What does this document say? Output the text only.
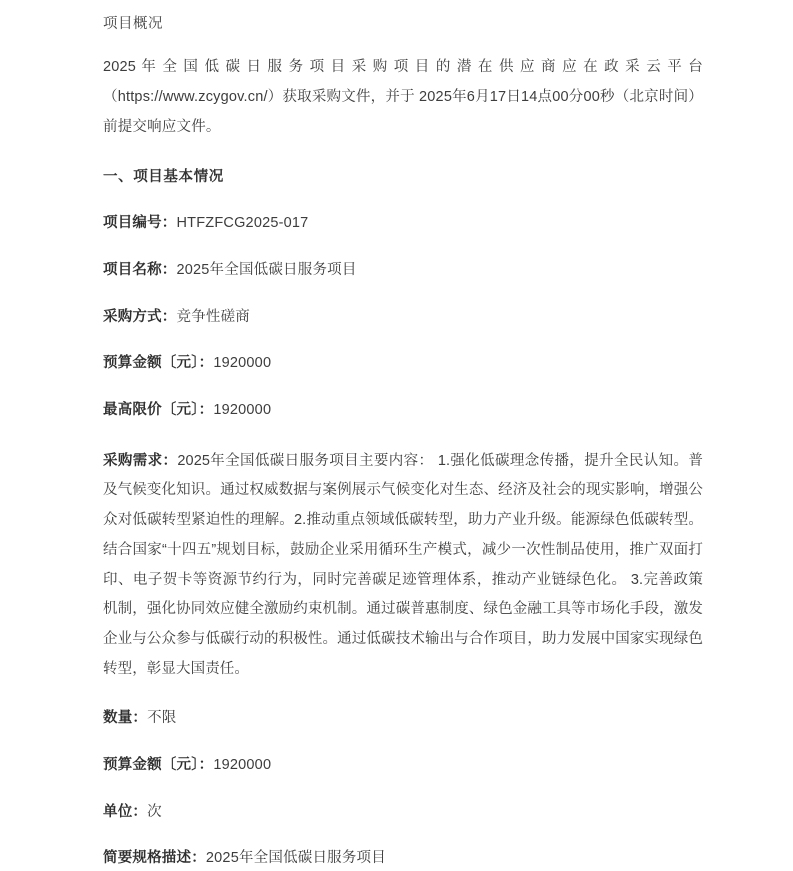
项目概况

2025 年 全 国 低 碳 日 服 务 项 目 采 购 项 目 的 潜 在 供 应 商 应 在 政 采 云 平 台 （https://www.zcygov.cn/）获取采购文件，并于 2025年6月17日14点00分00秒（北京时间）前提交响应文件。

一、项目基本情况
项目编号：HTFZFCG2025-017
项目名称：2025年全国低碳日服务项目
采购方式：竞争性磋商
预算金额〔元〕：1920000
最高限价〔元〕：1920000
采购需求：2025年全国低碳日服务项目主要内容： 1.强化低碳理念传播，提升全民认知。普及气候变化知识。通过权威数据与案例展示气候变化对生态、经济及社会的现实影响，增强公众对低碳转型紧迫性的理解。2.推动重点领域低碳转型，助力产业升级。能源绿色低碳转型。结合国家“十四五”规划目标，鼓励企业采用循环生产模式，减少一次性制品使用，推广双面打印、电子贺卡等资源节约行为，同时完善碳足迹管理体系，推动产业链绿色化。 3.完善政策机制，强化协同效应健全激励约束机制。通过碳普惠制度、绿色金融工具等市场化手段，激发企业与公众参与低碳行动的积极性。通过低碳技术输出与合作项目，助力发展中国家实现绿色转型，彰显大国责任。
数量：不限
预算金额〔元〕：1920000
单位：次
简要规格描述：2025年全国低碳日服务项目
